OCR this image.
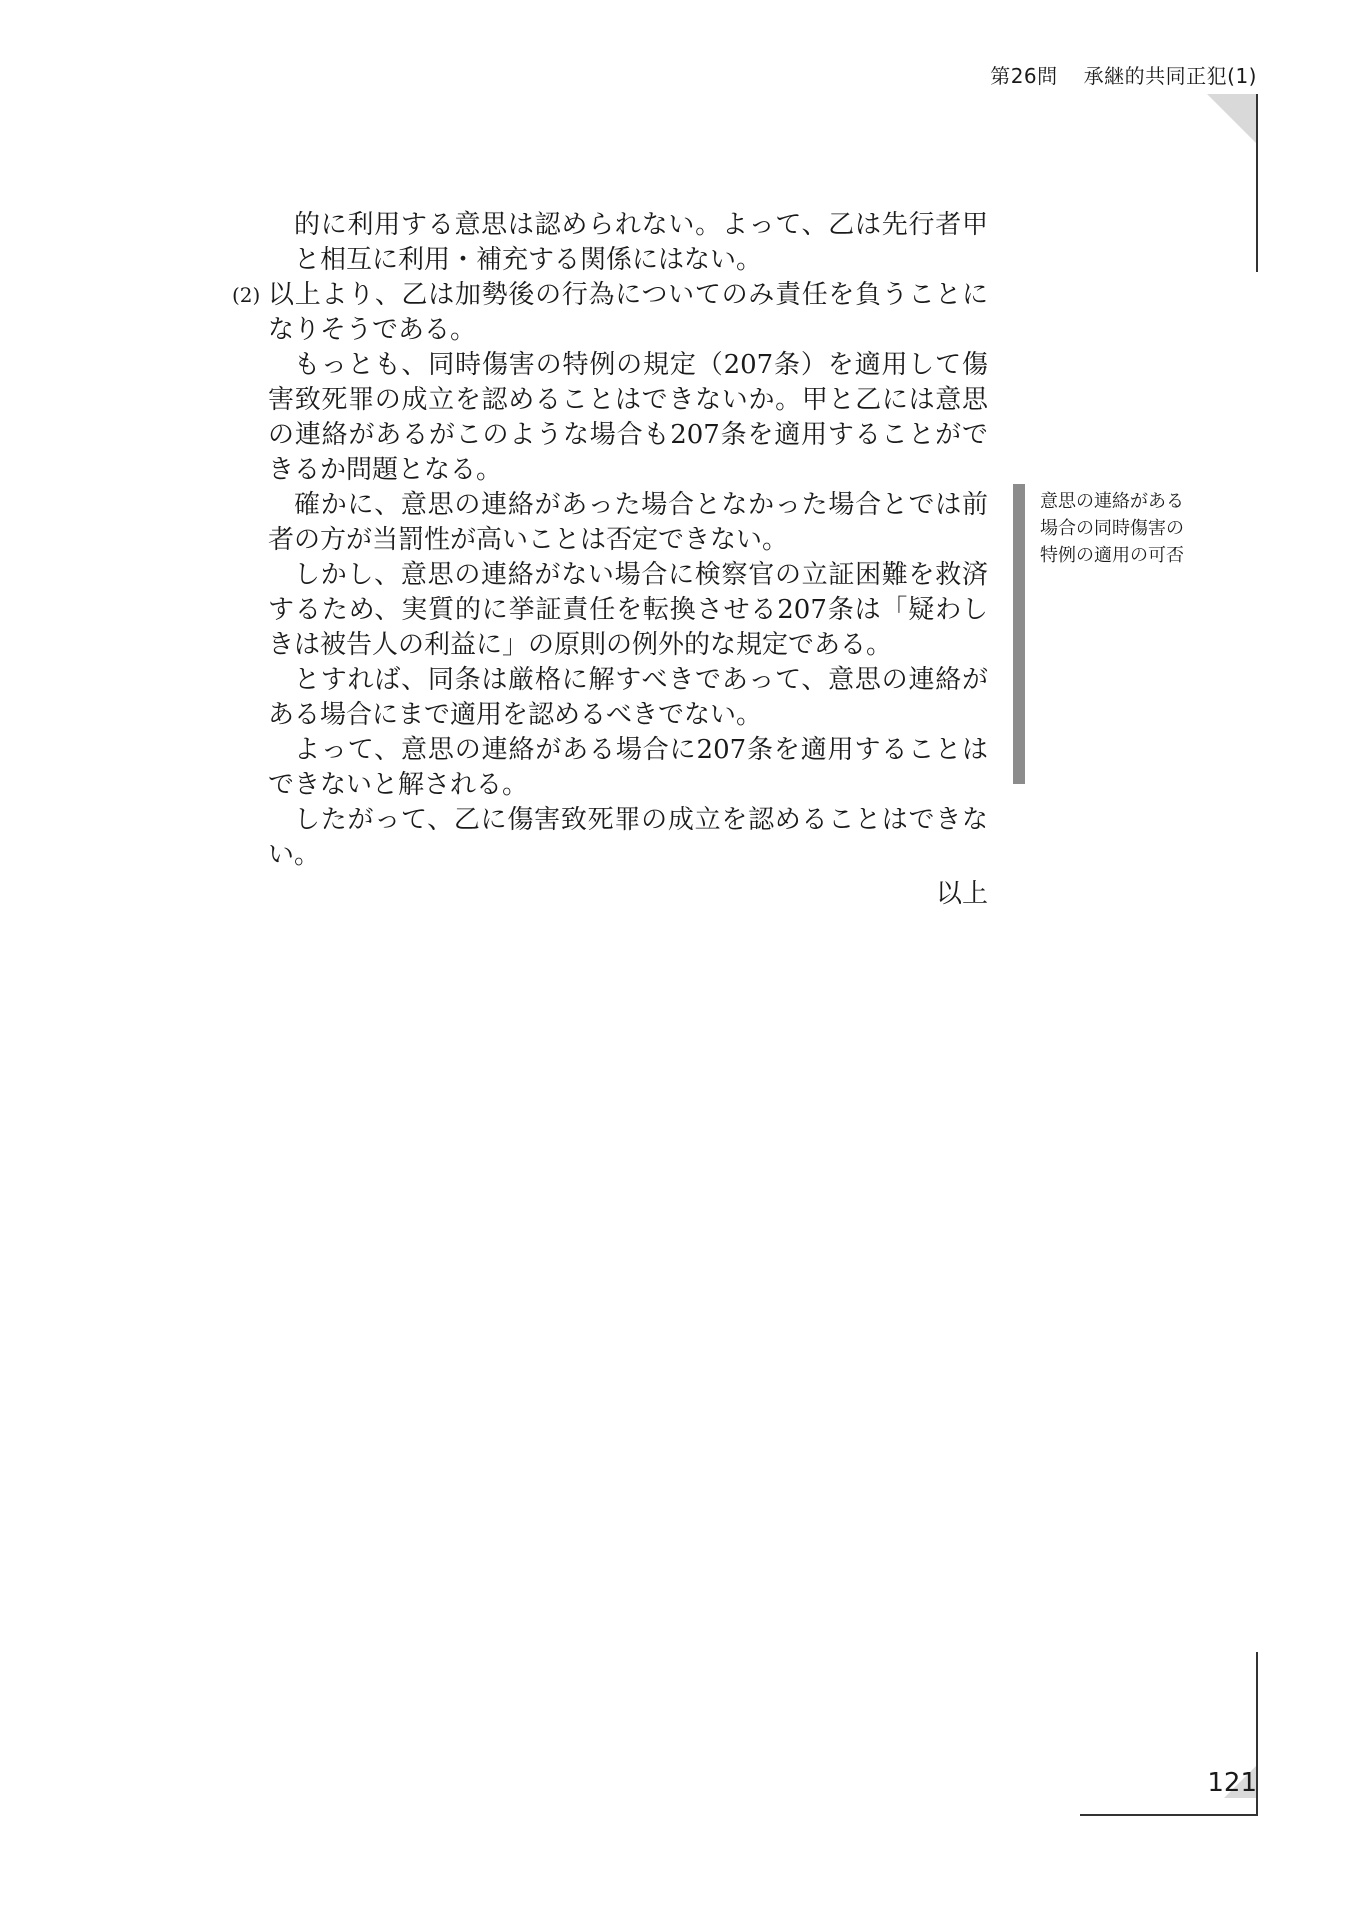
第26問 承継的共同正犯(1)

的に利用する意思は認められない。よって、乙は先行者甲と相互に利用・補充する関係にはない。

(2) 以上より、乙は加勢後の行為についてのみ責任を負うことになりそうである。

もっとも、同時傷害の特例の規定（207条）を適用して傷害致死罪の成立を認めることはできないか。甲と乙には意思の連絡があるがこのような場合も207条を適用することができるか問題となる。

確かに、意思の連絡があった場合となかった場合とでは前者の方が当罰性が高いことは否定できない。

しかし、意思の連絡がない場合に検察官の立証困難を救済するため、実質的に挙証責任を転換させる207条は「疑わしきは被告人の利益に」の原則の例外的な規定である。

とすれば、同条は厳格に解すべきであって、意思の連絡がある場合にまで適用を認めるべきでない。

よって、意思の連絡がある場合に207条を適用することはできないと解される。

したがって、乙に傷害致死罪の成立を認めることはできない。

以上

意思の連絡がある
場合の同時傷害の
特例の適用の可否
121
